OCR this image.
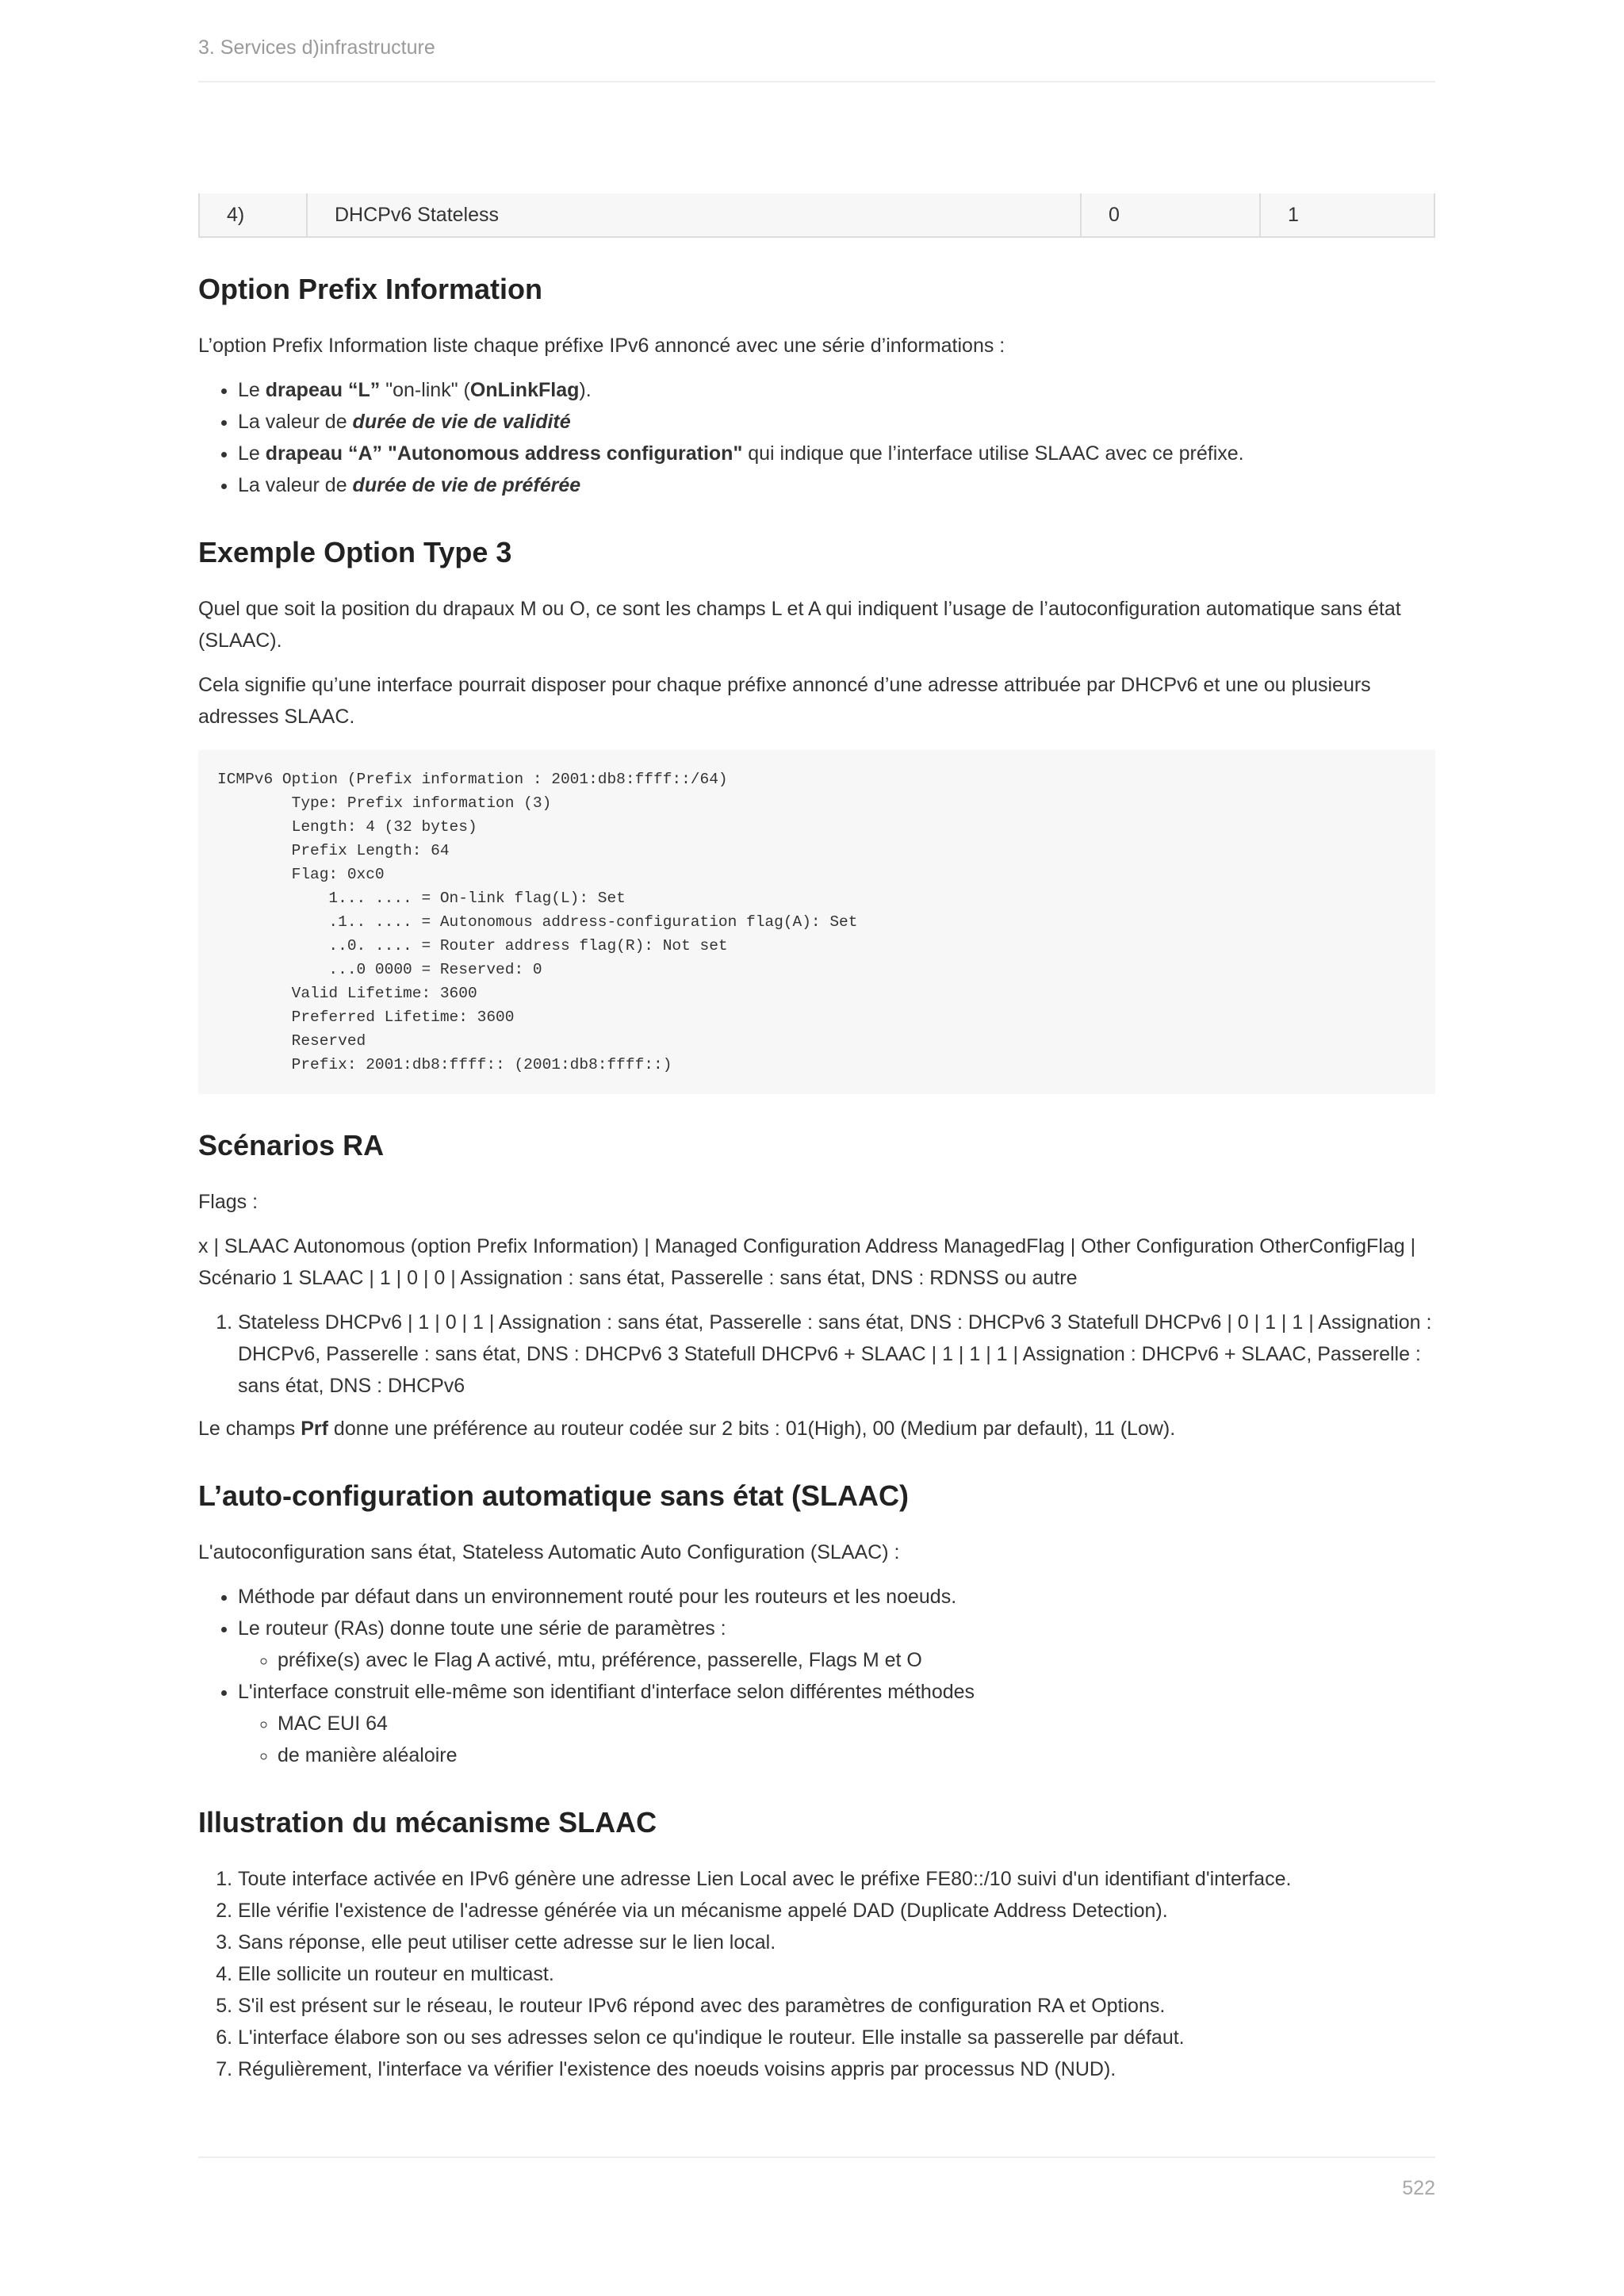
3. Services d)infrastructure
4)	DHCPv6 Stateless	0	1
Option Prefix Information

L’option Prefix Information liste chaque préfixe IPv6 annoncé avec une série d’informations :

• Le drapeau “L” "on-link" (OnLinkFlag).
• La valeur de durée de vie de validité
• Le drapeau “A” "Autonomous address configuration" qui indique que l’interface utilise SLAAC avec ce préfixe.
• La valeur de durée de vie de préférée
Exemple Option Type 3

Quel que soit la position du drapaux M ou O, ce sont les champs L et A qui indiquent l’usage de l’autoconfiguration automatique sans état (SLAAC).

Cela signifie qu’une interface pourrait disposer pour chaque préfixe annoncé d’une adresse attribuée par DHCPv6 et une ou plusieurs adresses SLAAC.

ICMPv6 Option (Prefix information : 2001:db8:ffff::/64)
Type: Prefix information (3)
Length: 4 (32 bytes)
Prefix Length: 64
Flag: 0xc0
1... .... = On-link flag(L): Set
.1.. .... = Autonomous address-configuration flag(A): Set
..0. .... = Router address flag(R): Not set
...0 0000 = Reserved: 0
Valid Lifetime: 3600
Preferred Lifetime: 3600
Reserved
Prefix: 2001:db8:ffff:: (2001:db8:ffff::)
Scénarios RA

Flags :

x | SLAAC Autonomous (option Prefix Information) | Managed Configuration Address ManagedFlag | Other Configuration OtherConfigFlag | Scénario 1 SLAAC | 1 | 0 | 0 | Assignation : sans état, Passerelle : sans état, DNS : RDNSS ou autre

1. Stateless DHCPv6 | 1 | 0 | 1 | Assignation : sans état, Passerelle : sans état, DNS : DHCPv6 3 Statefull DHCPv6 | 0 | 1 | 1 | Assignation : DHCPv6, Passerelle : sans état, DNS : DHCPv6 3 Statefull DHCPv6 + SLAAC | 1 | 1 | 1 | Assignation : DHCPv6 + SLAAC, Passerelle : sans état, DNS : DHCPv6

Le champs Prf donne une préférence au routeur codée sur 2 bits : 01(High), 00 (Medium par default), 11 (Low).

L’auto-configuration automatique sans état (SLAAC)

L'autoconfiguration sans état, Stateless Automatic Auto Configuration (SLAAC) :

• Méthode par défaut dans un environnement routé pour les routeurs et les noeuds.
• Le routeur (RAs) donne toute une série de paramètres :
◦ préfixe(s) avec le Flag A activé, mtu, préférence, passerelle, Flags M et O
• L'interface construit elle-même son identifiant d'interface selon différentes méthodes
◦ MAC EUI 64
◦ de manière aléaloire
Illustration du mécanisme SLAAC
1. Toute interface activée en IPv6 génère une adresse Lien Local avec le préfixe FE80::/10 suivi d'un identifiant d'interface.
2. Elle vérifie l'existence de l'adresse générée via un mécanisme appelé DAD (Duplicate Address Detection).
3. Sans réponse, elle peut utiliser cette adresse sur le lien local.
4. Elle sollicite un routeur en multicast.
5. S'il est présent sur le réseau, le routeur IPv6 répond avec des paramètres de configuration RA et Options.
6. L'interface élabore son ou ses adresses selon ce qu'indique le routeur. Elle installe sa passerelle par défaut.
7. Régulièrement, l'interface va vérifier l'existence des noeuds voisins appris par processus ND (NUD).
522
